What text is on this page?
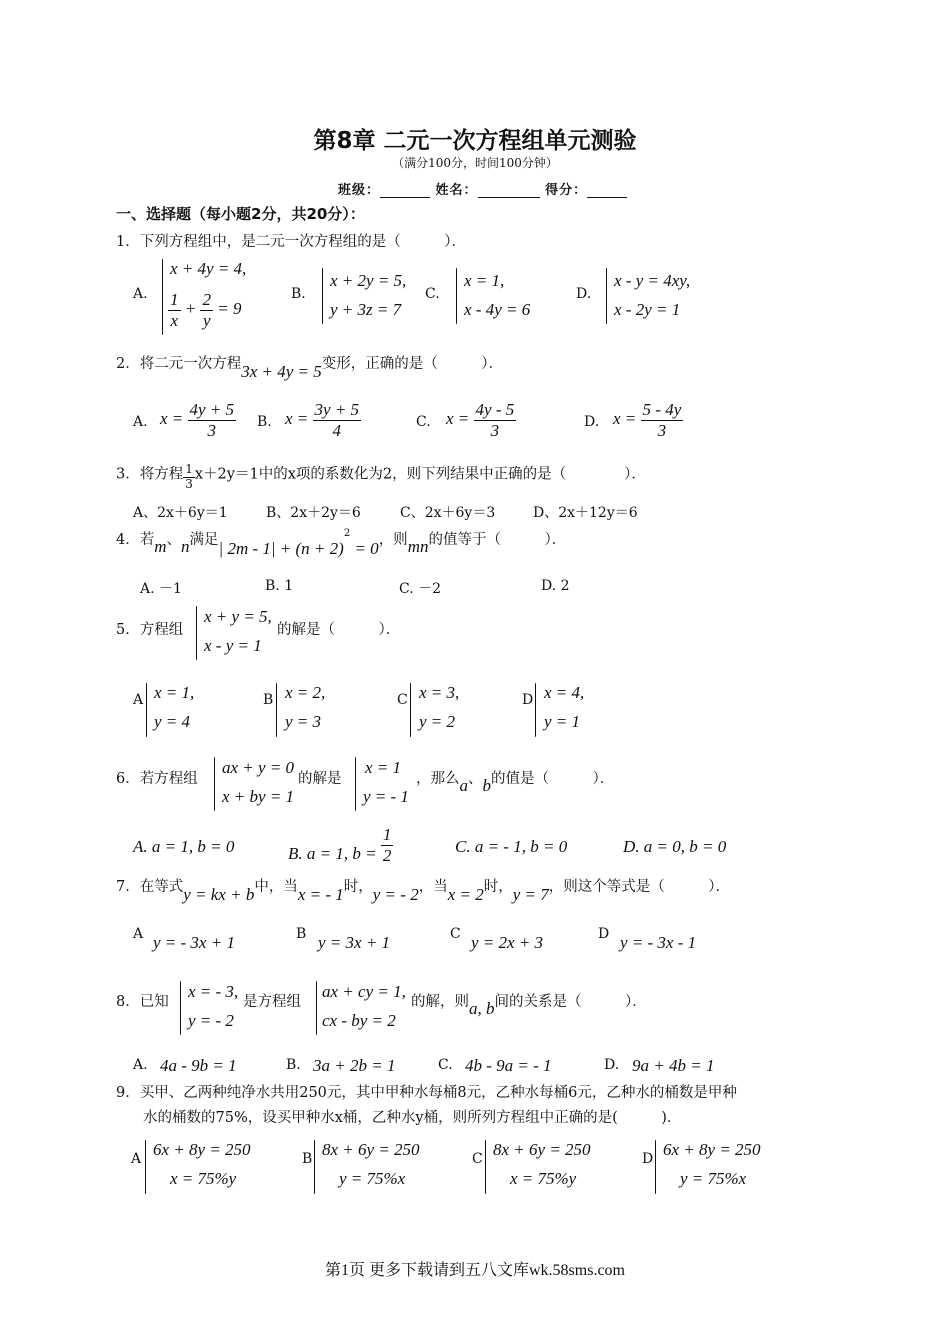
第8章 二元一次方程组单元测验
（满分100分，时间100分钟）
班级：	姓名：	得分：
一、选择题（每小题2分，共20分）：
1．下列方程组中，是二元一次方程组的是（　　　）．
A.
x + 4y = 4,
$\frac{1}{x} + \frac{2}{y} = 9$
B.
x + 2y = 5,
y + 3z = 7
C.
x = 1,
x - 4y = 6
D.
x - y = 4xy,
x - 2y = 1
2．将二元一次方程3x + 4y = 5变形，正确的是（　　　）．
A. $x = \frac{4y + 5}{3} B$. $x = \frac{3y + 5}{4}$	C. $x = \frac{4y - 5}{3}$	D. $x = \frac{5 - 4y}{3}$
3．将方程 $\frac{1}{3} x+2y=1$中的x项的系数化为2，则下列结果中正确的是（　　　　）．
A、2x＋6y＝1	B、2x＋2y＝6	C、2x＋6y＝3	D、2x＋12y＝6
4．若m、n满足| $2m - 1| + (n + 2)^2 = 0$，则mn的值等于（　　　）．
A. －1	B. 1	C. －2	D. 2
5．方程组
x + y = 5,
x - y = 1
的解是（　　　）．
A x = 1,
y = 4
B x = 2,
y = 3
C x = 3,
y = 2
D x = 4,
y = 1
6．若方程组
ax + y = 0
x + by = 1
的解是
x = 1
y = - 1
，那么a、b的值是（　　　）．
A. a = 1, b = 0	B. a = 1, $b = \frac{1}{2}$	C. a = - 1, b = 0	D. a = 0, b = 0
7．在等式y = kx + b中，当x = - 1时，y = - 2，当x = 2时，y = 7，则这个等式是（　　　）．
A y = - 3x + 1	B y = 3x + 1	C y = 2x + 3	D y = - 3x - 1
8．已知
x = - 3,
y = - 2
是方程组
ax + cy = 1,
cx - by = 2
的解，则a, b间的关系是（　　　）．
A. 4a - 9b = 1	B. 3a + 2b = 1	C. 4b - 9a = - 1	D. 9a + 4b = 1
9．买甲、乙两种纯净水共用250元，其中甲种水每桶8元，乙种水每桶6元，乙种水的桶数是甲种
水的桶数的75%，设买甲种水x桶，乙种水y桶，则所列方程组中正确的是(　　　)．
A 6x + 8y = 250
x = 75%y
B 8x + 6y = 250
y = 75%x
C 8x + 6y = 250
x = 75%y
D 6x + 8y = 250
y = 75%x
第1页 更多下载请到五八文库wk.58sms.com
